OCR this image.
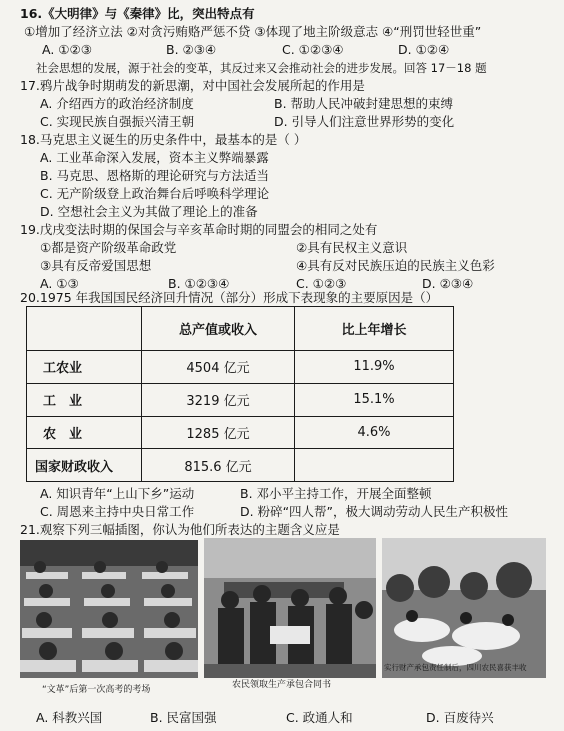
16.《大明律》与《秦律》比，突出特点有
①增加了经济立法 ②对贪污贿赂严惩不贷 ③体现了地主阶级意志 ④“刑罚世轻世重”
A. ①②③	B. ②③④	C. ①②③④	D. ①②④
社会思想的发展，源于社会的变革，其反过来又会推动社会的进步发展。回答 17－18 题
17.鸦片战争时期萌发的新思潮，对中国社会发展所起的作用是
A. 介绍西方的政治经济制度	B. 帮助人民冲破封建思想的束缚
C. 实现民族自强振兴清王朝	D. 引导人们注意世界形势的变化
18.马克思主义诞生的历史条件中，最基本的是（ ）
A. 工业革命深入发展，资本主义弊端暴露
B. 马克思、恩格斯的理论研究与方法适当
C. 无产阶级登上政治舞台后呼唤科学理论
D. 空想社会主义为其做了理论上的准备
19.戊戌变法时期的保国会与辛亥革命时期的同盟会的相同之处有
①都是资产阶级革命政党	②具有民权主义意识
③具有反帝爱国思想	④具有反对民族压迫的民族主义色彩
A. ①③	B. ①②③④	C. ①②③	D. ②③④
20.1975 年我国国民经济回升情况（部分）形成下表现象的主要原因是（）
	总产值或收入	比上年增长
工农业	4504 亿元	11.9%
工　业	3219 亿元	15.1%
农　业	1285 亿元	4.6%
国家财政收入	815.6 亿元	
A. 知识青年“上山下乡”运动	B. 邓小平主持工作，开展全面整顿
C. 周恩来主持中央日常工作	D. 粉碎“四人帮”，极大调动劳动人民生产积极性
21.观察下列三幅插图，你认为他们所表达的主题含义应是
“文革”后第一次高考的考场	农民领取生产承包合同书
实行财产承包责任制后，四川农民喜获丰收
A. 科教兴国	B. 民富国强	C. 政通人和	D. 百废待兴
